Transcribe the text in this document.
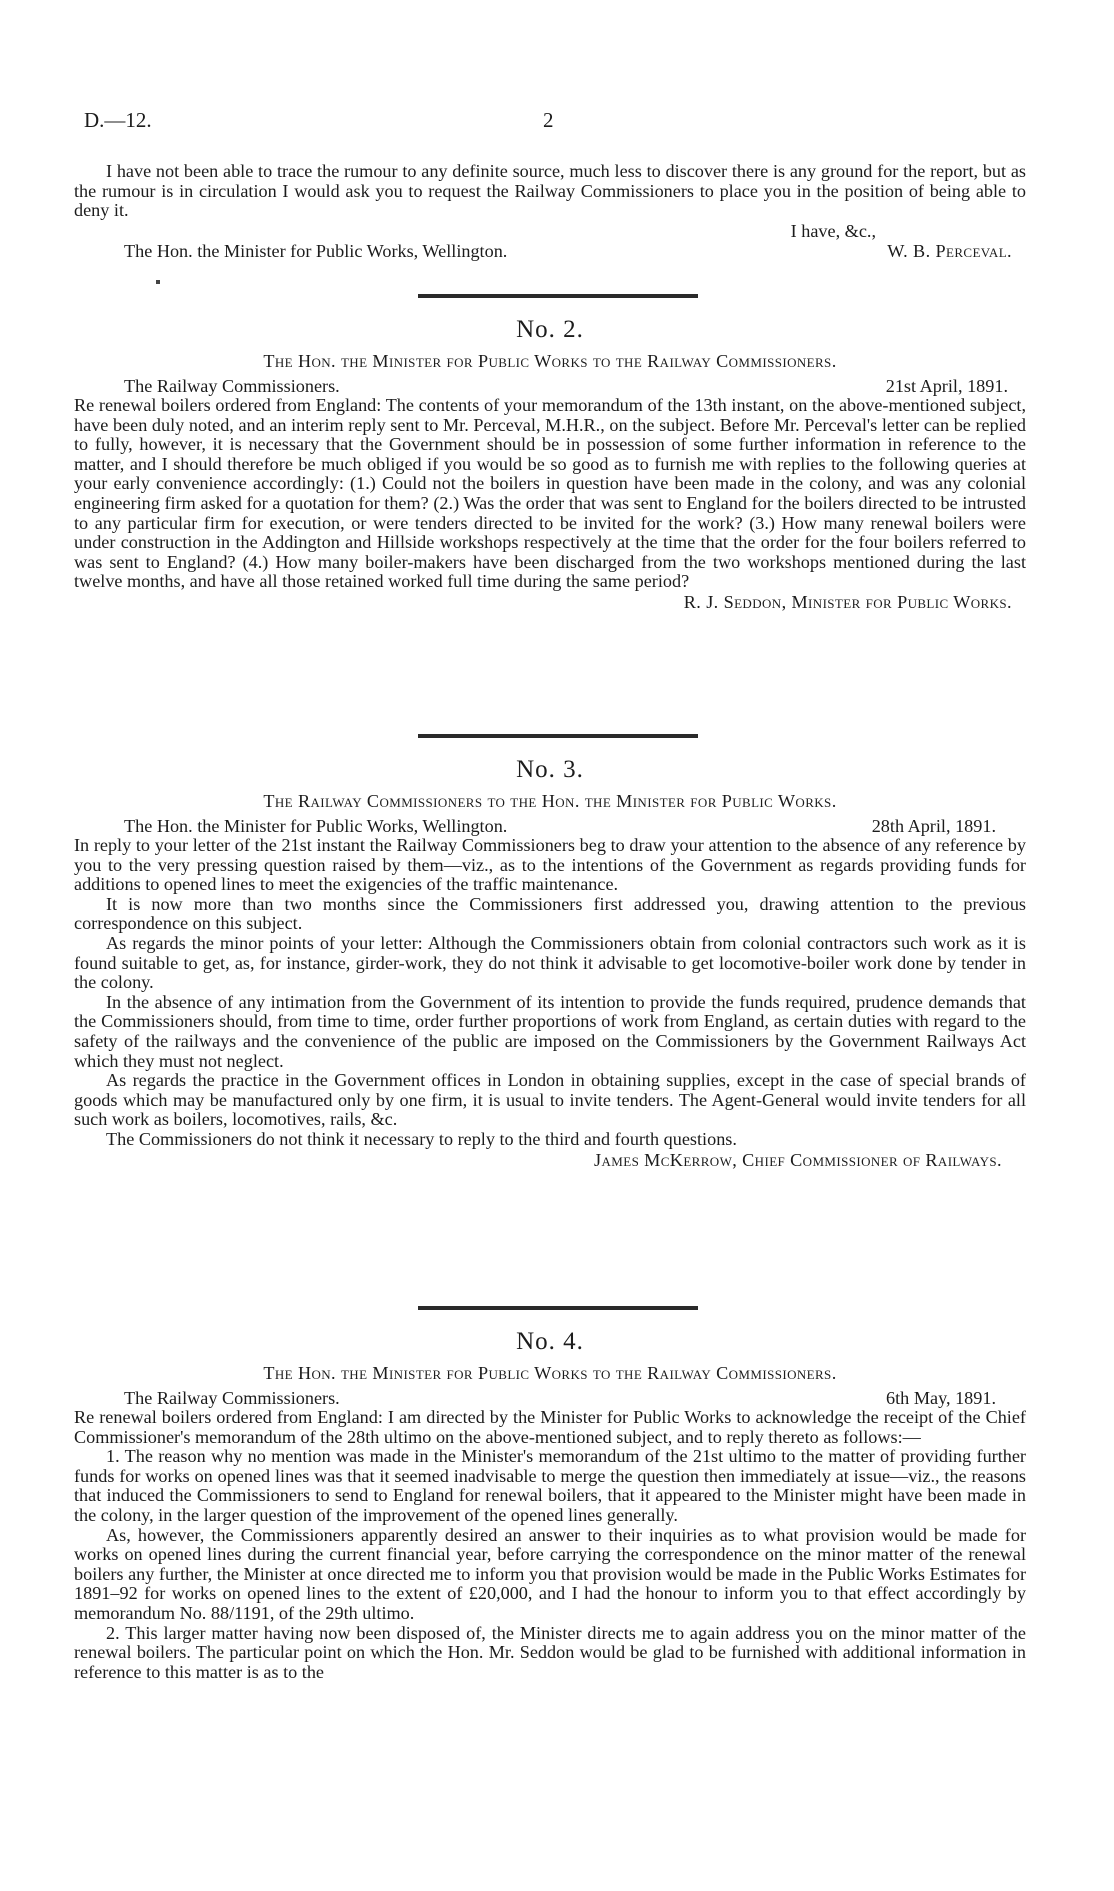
D.—12.	2

I have not been able to trace the rumour to any definite source, much less to discover there is any ground for the report, but as the rumour is in circulation I would ask you to request the Railway Commissioners to place you in the position of being able to deny it.

I have, &c.,
The Hon. the Minister for Public Works, Wellington.	W. B. Perceval.

No. 2.

The Hon. the Minister for Public Works to the Railway Commissioners.

The Railway Commissioners.	21st April, 1891.

Re renewal boilers ordered from England: The contents of your memorandum of the 13th instant, on the above-mentioned subject, have been duly noted, and an interim reply sent to Mr. Perceval, M.H.R., on the subject. Before Mr. Perceval's letter can be replied to fully, however, it is necessary that the Government should be in possession of some further information in reference to the matter, and I should therefore be much obliged if you would be so good as to furnish me with replies to the following queries at your early convenience accordingly: (1.) Could not the boilers in question have been made in the colony, and was any colonial engineering firm asked for a quotation for them? (2.) Was the order that was sent to England for the boilers directed to be intrusted to any particular firm for execution, or were tenders directed to be invited for the work? (3.) How many renewal boilers were under construction in the Addington and Hillside workshops respectively at the time that the order for the four boilers referred to was sent to England? (4.) How many boiler-makers have been discharged from the two workshops mentioned during the last twelve months, and have all those retained worked full time during the same period?

R. J. Seddon, Minister for Public Works.

No. 3.

The Railway Commissioners to the Hon. the Minister for Public Works.

The Hon. the Minister for Public Works, Wellington.	28th April, 1891.

In reply to your letter of the 21st instant the Railway Commissioners beg to draw your attention to the absence of any reference by you to the very pressing question raised by them—viz., as to the intentions of the Government as regards providing funds for additions to opened lines to meet the exigencies of the traffic maintenance.

It is now more than two months since the Commissioners first addressed you, drawing attention to the previous correspondence on this subject.

As regards the minor points of your letter: Although the Commissioners obtain from colonial contractors such work as it is found suitable to get, as, for instance, girder-work, they do not think it advisable to get locomotive-boiler work done by tender in the colony.

In the absence of any intimation from the Government of its intention to provide the funds required, prudence demands that the Commissioners should, from time to time, order further proportions of work from England, as certain duties with regard to the safety of the railways and the convenience of the public are imposed on the Commissioners by the Government Railways Act which they must not neglect.

As regards the practice in the Government offices in London in obtaining supplies, except in the case of special brands of goods which may be manufactured only by one firm, it is usual to invite tenders. The Agent-General would invite tenders for all such work as boilers, locomotives, rails, &c.

The Commissioners do not think it necessary to reply to the third and fourth questions.

James McKerrow, Chief Commissioner of Railways.

No. 4.

The Hon. the Minister for Public Works to the Railway Commissioners.

The Railway Commissioners.	6th May, 1891.

Re renewal boilers ordered from England: I am directed by the Minister for Public Works to acknowledge the receipt of the Chief Commissioner's memorandum of the 28th ultimo on the above-mentioned subject, and to reply thereto as follows:—

1. The reason why no mention was made in the Minister's memorandum of the 21st ultimo to the matter of providing further funds for works on opened lines was that it seemed inadvisable to merge the question then immediately at issue—viz., the reasons that induced the Commissioners to send to England for renewal boilers, that it appeared to the Minister might have been made in the colony, in the larger question of the improvement of the opened lines generally.

As, however, the Commissioners apparently desired an answer to their inquiries as to what provision would be made for works on opened lines during the current financial year, before carrying the correspondence on the minor matter of the renewal boilers any further, the Minister at once directed me to inform you that provision would be made in the Public Works Estimates for 1891–92 for works on opened lines to the extent of £20,000, and I had the honour to inform you to that effect accordingly by memorandum No. 88/1191, of the 29th ultimo.

2. This larger matter having now been disposed of, the Minister directs me to again address you on the minor matter of the renewal boilers. The particular point on which the Hon. Mr. Seddon would be glad to be furnished with additional information in reference to this matter is as to the
